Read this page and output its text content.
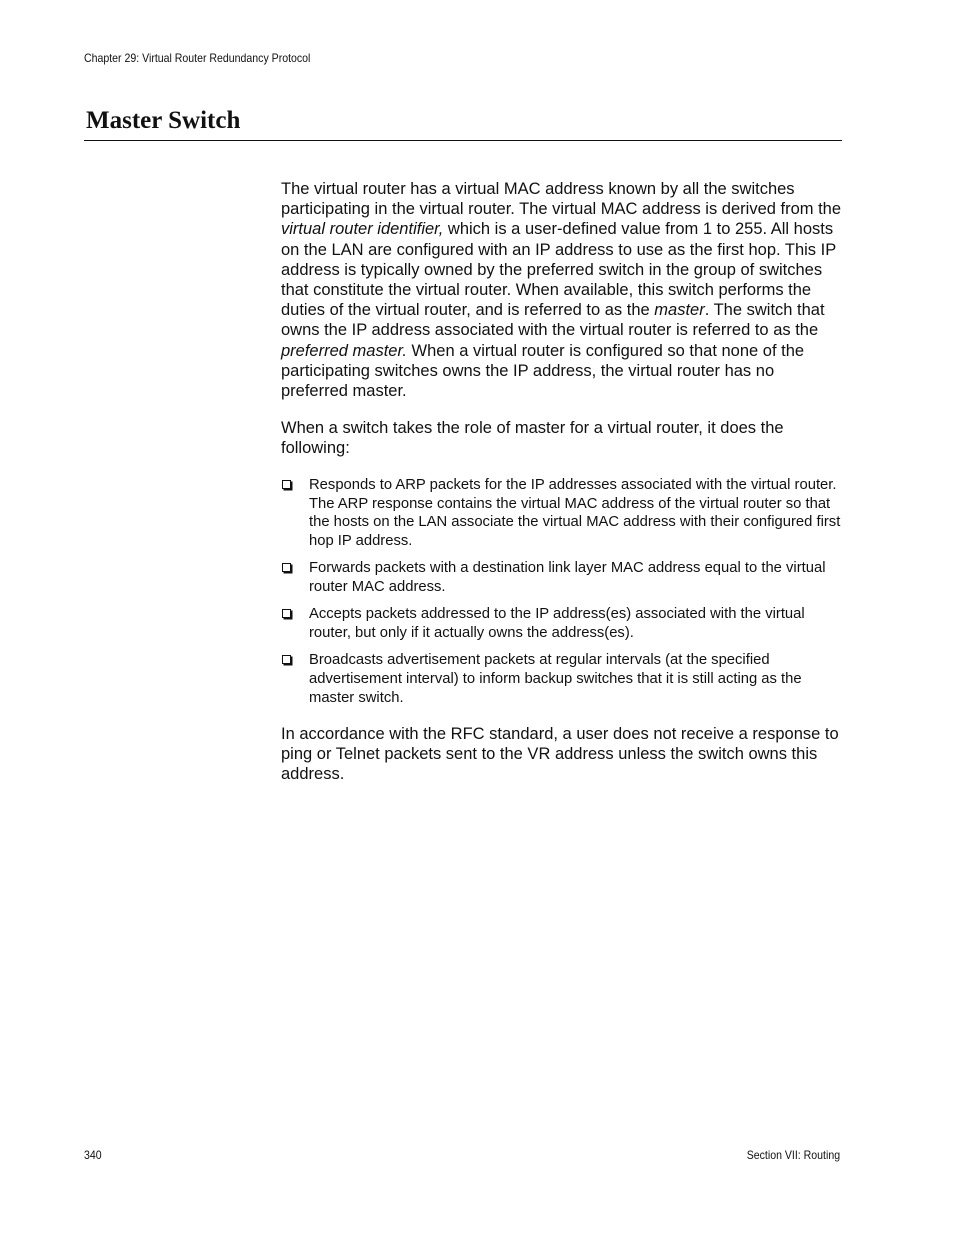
Chapter 29: Virtual Router Redundancy Protocol
Master Switch

The virtual router has a virtual MAC address known by all the switches participating in the virtual router. The virtual MAC address is derived from the virtual router identifier, which is a user-defined value from 1 to 255. All hosts on the LAN are configured with an IP address to use as the first hop. This IP address is typically owned by the preferred switch in the group of switches that constitute the virtual router. When available, this switch performs the duties of the virtual router, and is referred to as the master. The switch that owns the IP address associated with the virtual router is referred to as the preferred master. When a virtual router is configured so that none of the participating switches owns the IP address, the virtual router has no preferred master.

When a switch takes the role of master for a virtual router, it does the following:

Responds to ARP packets for the IP addresses associated with the virtual router. The ARP response contains the virtual MAC address of the virtual router so that the hosts on the LAN associate the virtual MAC address with their configured first hop IP address.
Forwards packets with a destination link layer MAC address equal to the virtual router MAC address.
Accepts packets addressed to the IP address(es) associated with the virtual router, but only if it actually owns the address(es).
Broadcasts advertisement packets at regular intervals (at the specified advertisement interval) to inform backup switches that it is still acting as the master switch.

In accordance with the RFC standard, a user does not receive a response to ping or Telnet packets sent to the VR address unless the switch owns this address.

340	Section VII: Routing
